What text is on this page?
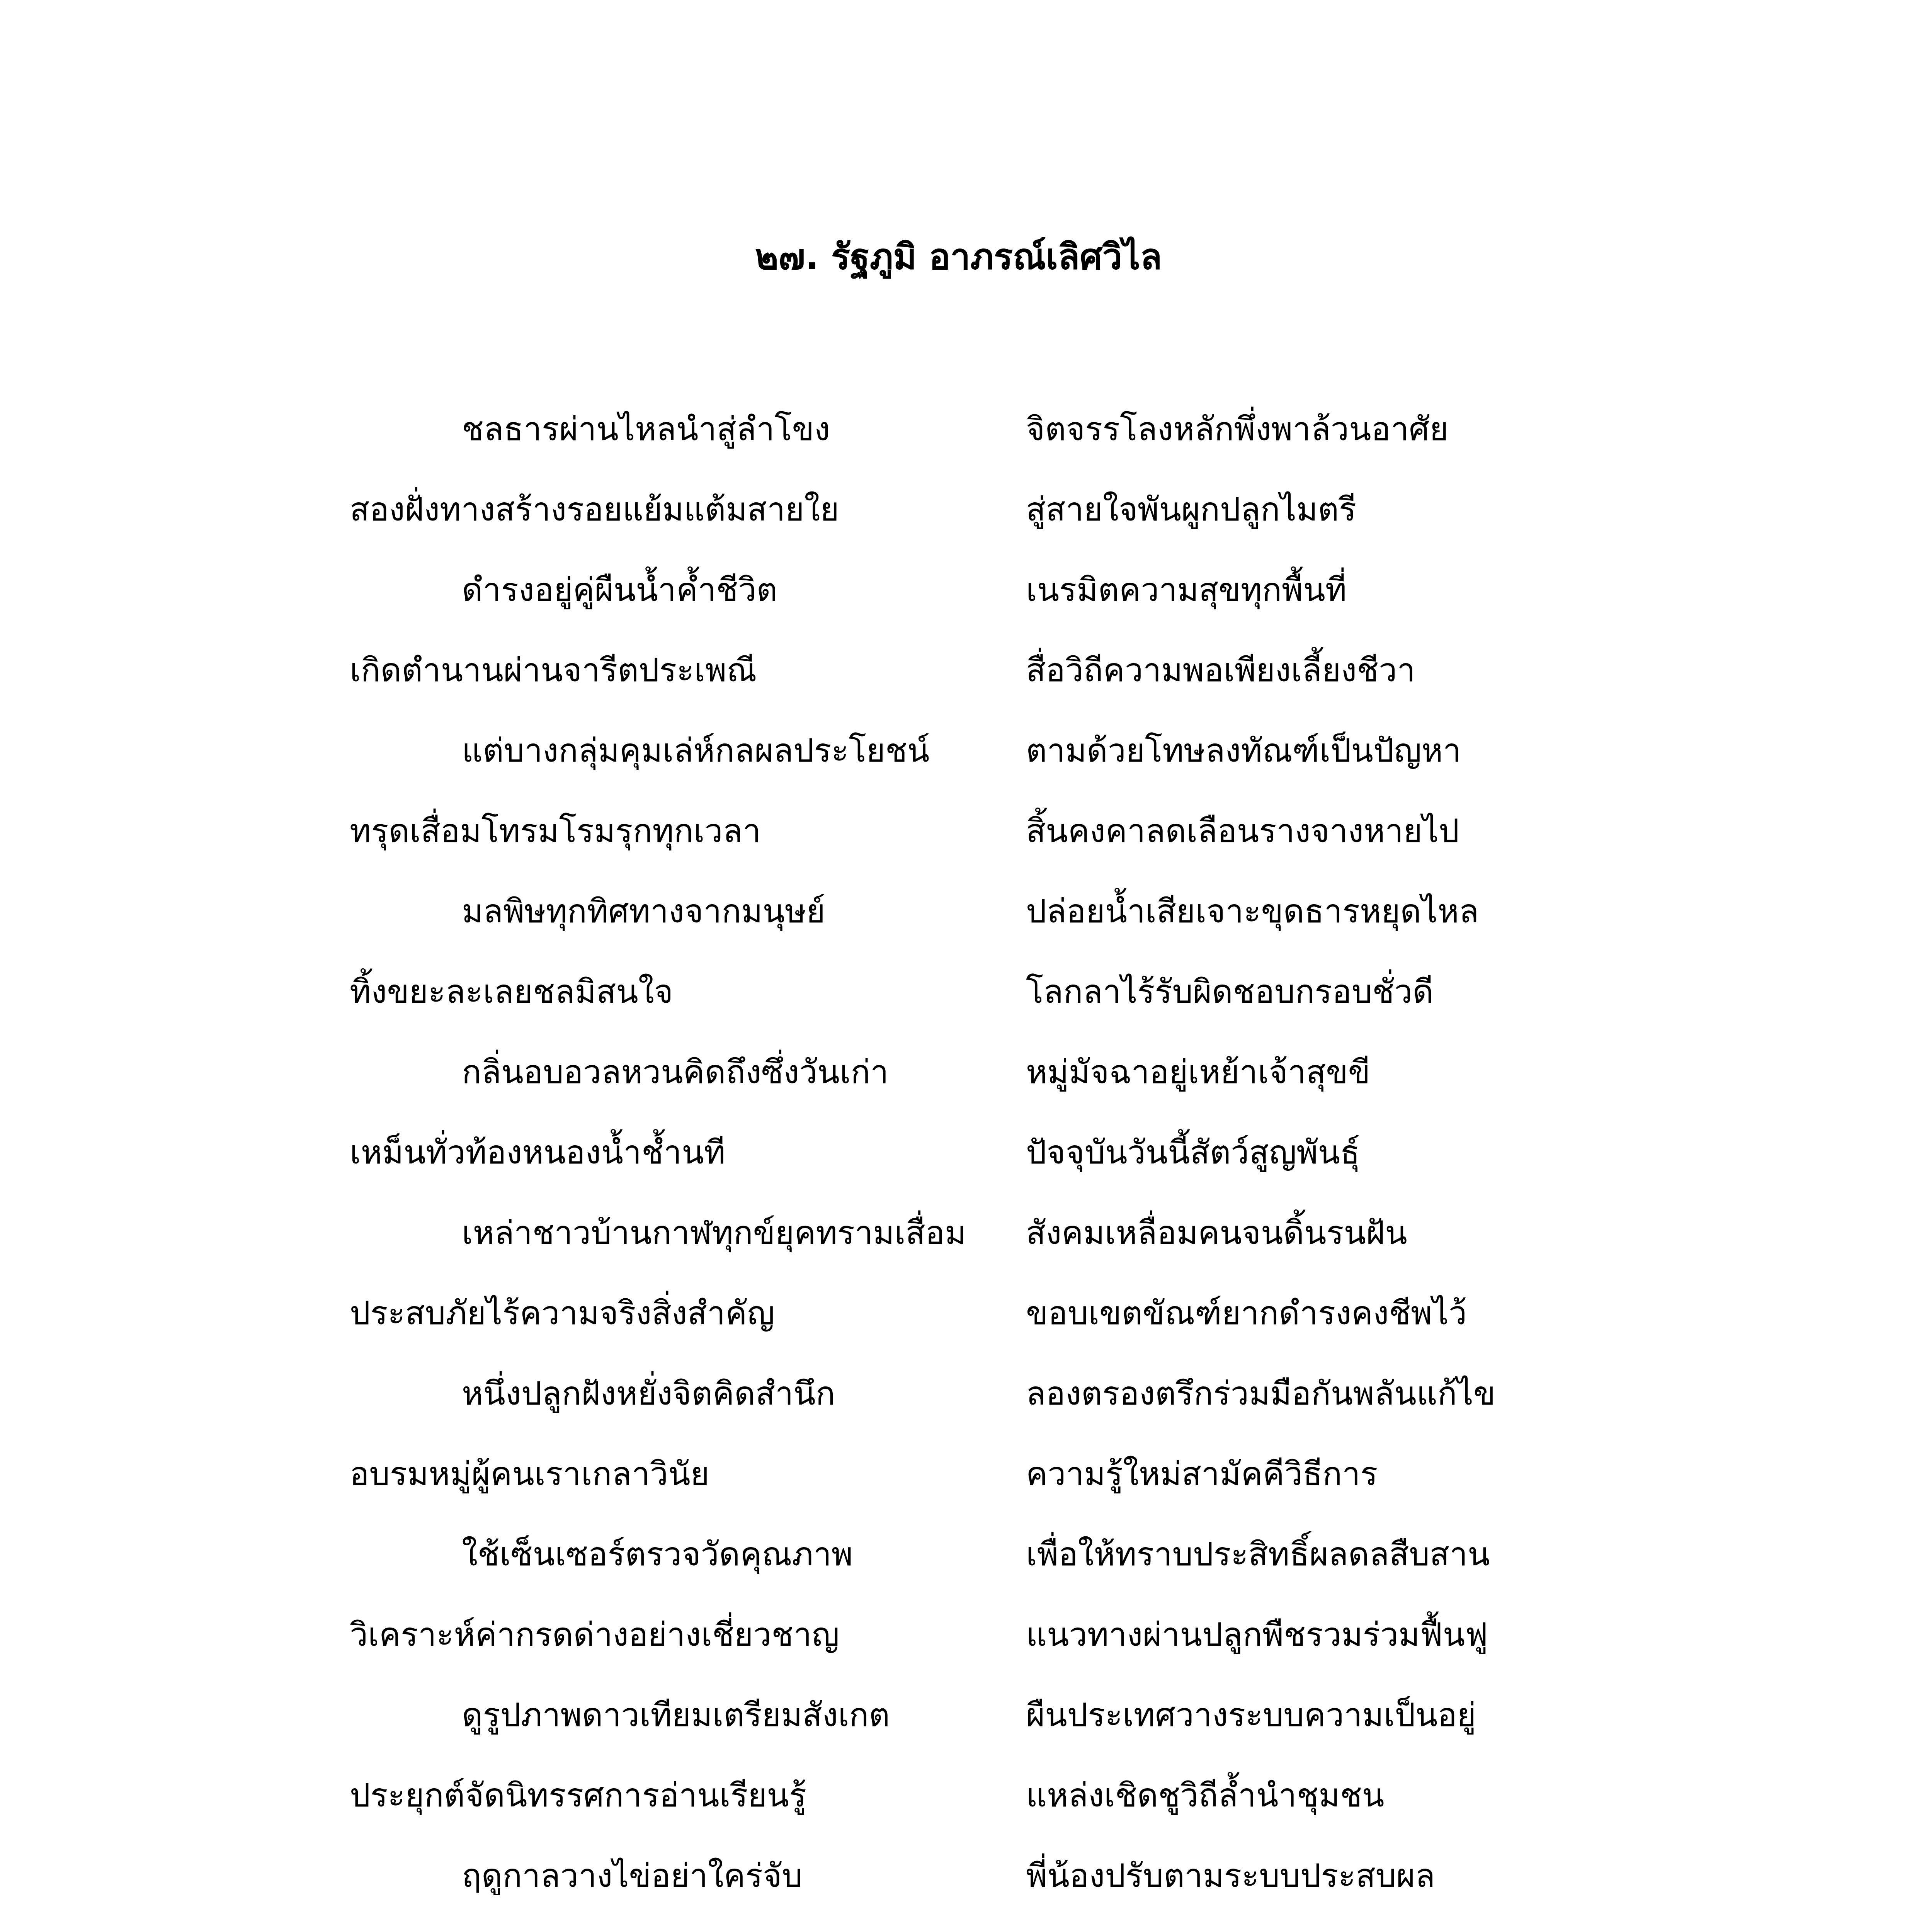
๒๗. รัฐภูมิ อาภรณ์เลิศวิไล
ชลธารผ่านไหลนำสู่ลำโขง	จิตจรรโลงหลักพึ่งพาล้วนอาศัย
สองฝั่งทางสร้างรอยแย้มแต้มสายใย	สู่สายใจพันผูกปลูกไมตรี
ดำรงอยู่คู่ผืนน้ำค้ำชีวิต	เนรมิตความสุขทุกพื้นที่
เกิดตำนานผ่านจารีตประเพณี	สื่อวิถีความพอเพียงเลี้ยงชีวา
แต่บางกลุ่มคุมเล่ห์กลผลประโยชน์	ตามด้วยโทษลงทัณฑ์เป็นปัญหา
ทรุดเสื่อมโทรมโรมรุกทุกเวลา	สิ้นคงคาลดเลือนรางจางหายไป
มลพิษทุกทิศทางจากมนุษย์	ปล่อยน้ำเสียเจาะขุดธารหยุดไหล
ทิ้งขยะละเลยชลมิสนใจ	โลกลาไร้รับผิดชอบกรอบชั่วดี
กลิ่นอบอวลหวนคิดถึงซึ่งวันเก่า	หมู่มัจฉาอยู่เหย้าเจ้าสุขขี
เหม็นทั่วท้องหนองน้ำช้ำนที	ปัจจุบันวันนี้สัตว์สูญพันธุ์
เหล่าชาวบ้านกาฬทุกข์ยุคทรามเสื่อม สังคมเหลื่อมคนจนดิ้นรนฝัน
ประสบภัยไร้ความจริงสิ่งสำคัญ	ขอบเขตขัณฑ์ยากดำรงคงชีพไว้
หนึ่งปลูกฝังหยั่งจิตคิดสำนึก	ลองตรองตรึกร่วมมือกันพลันแก้ไข
อบรมหมู่ผู้คนเราเกลาวินัย	ความรู้ใหม่สามัคคีวิธีการ
ใช้เซ็นเซอร์ตรวจวัดคุณภาพ	เพื่อให้ทราบประสิทธิ์ผลดลสืบสาน
วิเคราะห์ค่ากรดด่างอย่างเชี่ยวชาญ	แนวทางผ่านปลูกพืชรวมร่วมฟื้นฟู
ดูรูปภาพดาวเทียมเตรียมสังเกต	ผืนประเทศวางระบบความเป็นอยู่
ประยุกต์จัดนิทรรศการอ่านเรียนรู้	แหล่งเชิดชูวิถีล้ำนำชุมชน
ฤดูกาลวางไข่อย่าใคร่จับ	พี่น้องปรับตามระบบประสบผล
